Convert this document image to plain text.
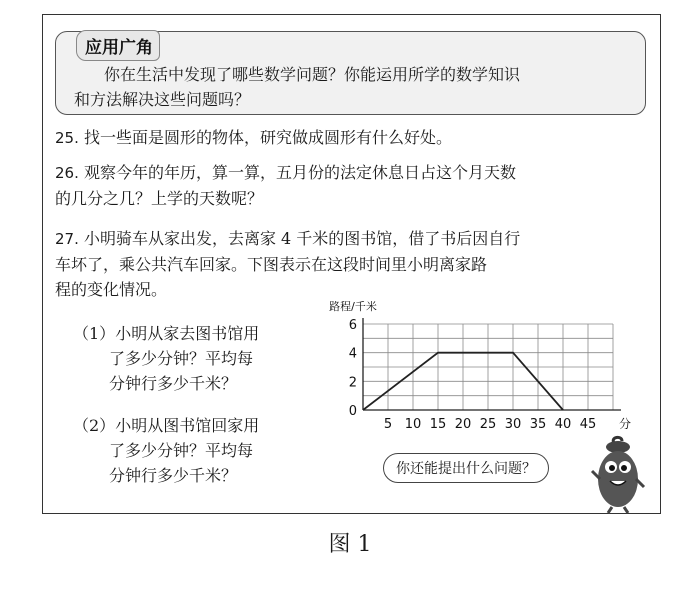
应用广角
你在生活中发现了哪些数学问题？你能运用所学的数学知识
和方法解决这些问题吗？
25. 找一些面是圆形的物体，研究做成圆形有什么好处。
26. 观察今年的年历，算一算，五月份的法定休息日占这个月天数
的几分之几？上学的天数呢？
27. 小明骑车从家出发，去离家 4 千米的图书馆，借了书后因自行
车坏了，乘公共汽车回家。下图表示在这段时间里小明离家路
程的变化情况。
（1）小明从家去图书馆用
了多少分钟？平均每
分钟行多少千米？
（2）小明从图书馆回家用
了多少分钟？平均每
分钟行多少千米？
路程/千米
0
2
4
6
5 10 15 20 25 30 35 40 45 分
你还能提出什么问题？
图 1
